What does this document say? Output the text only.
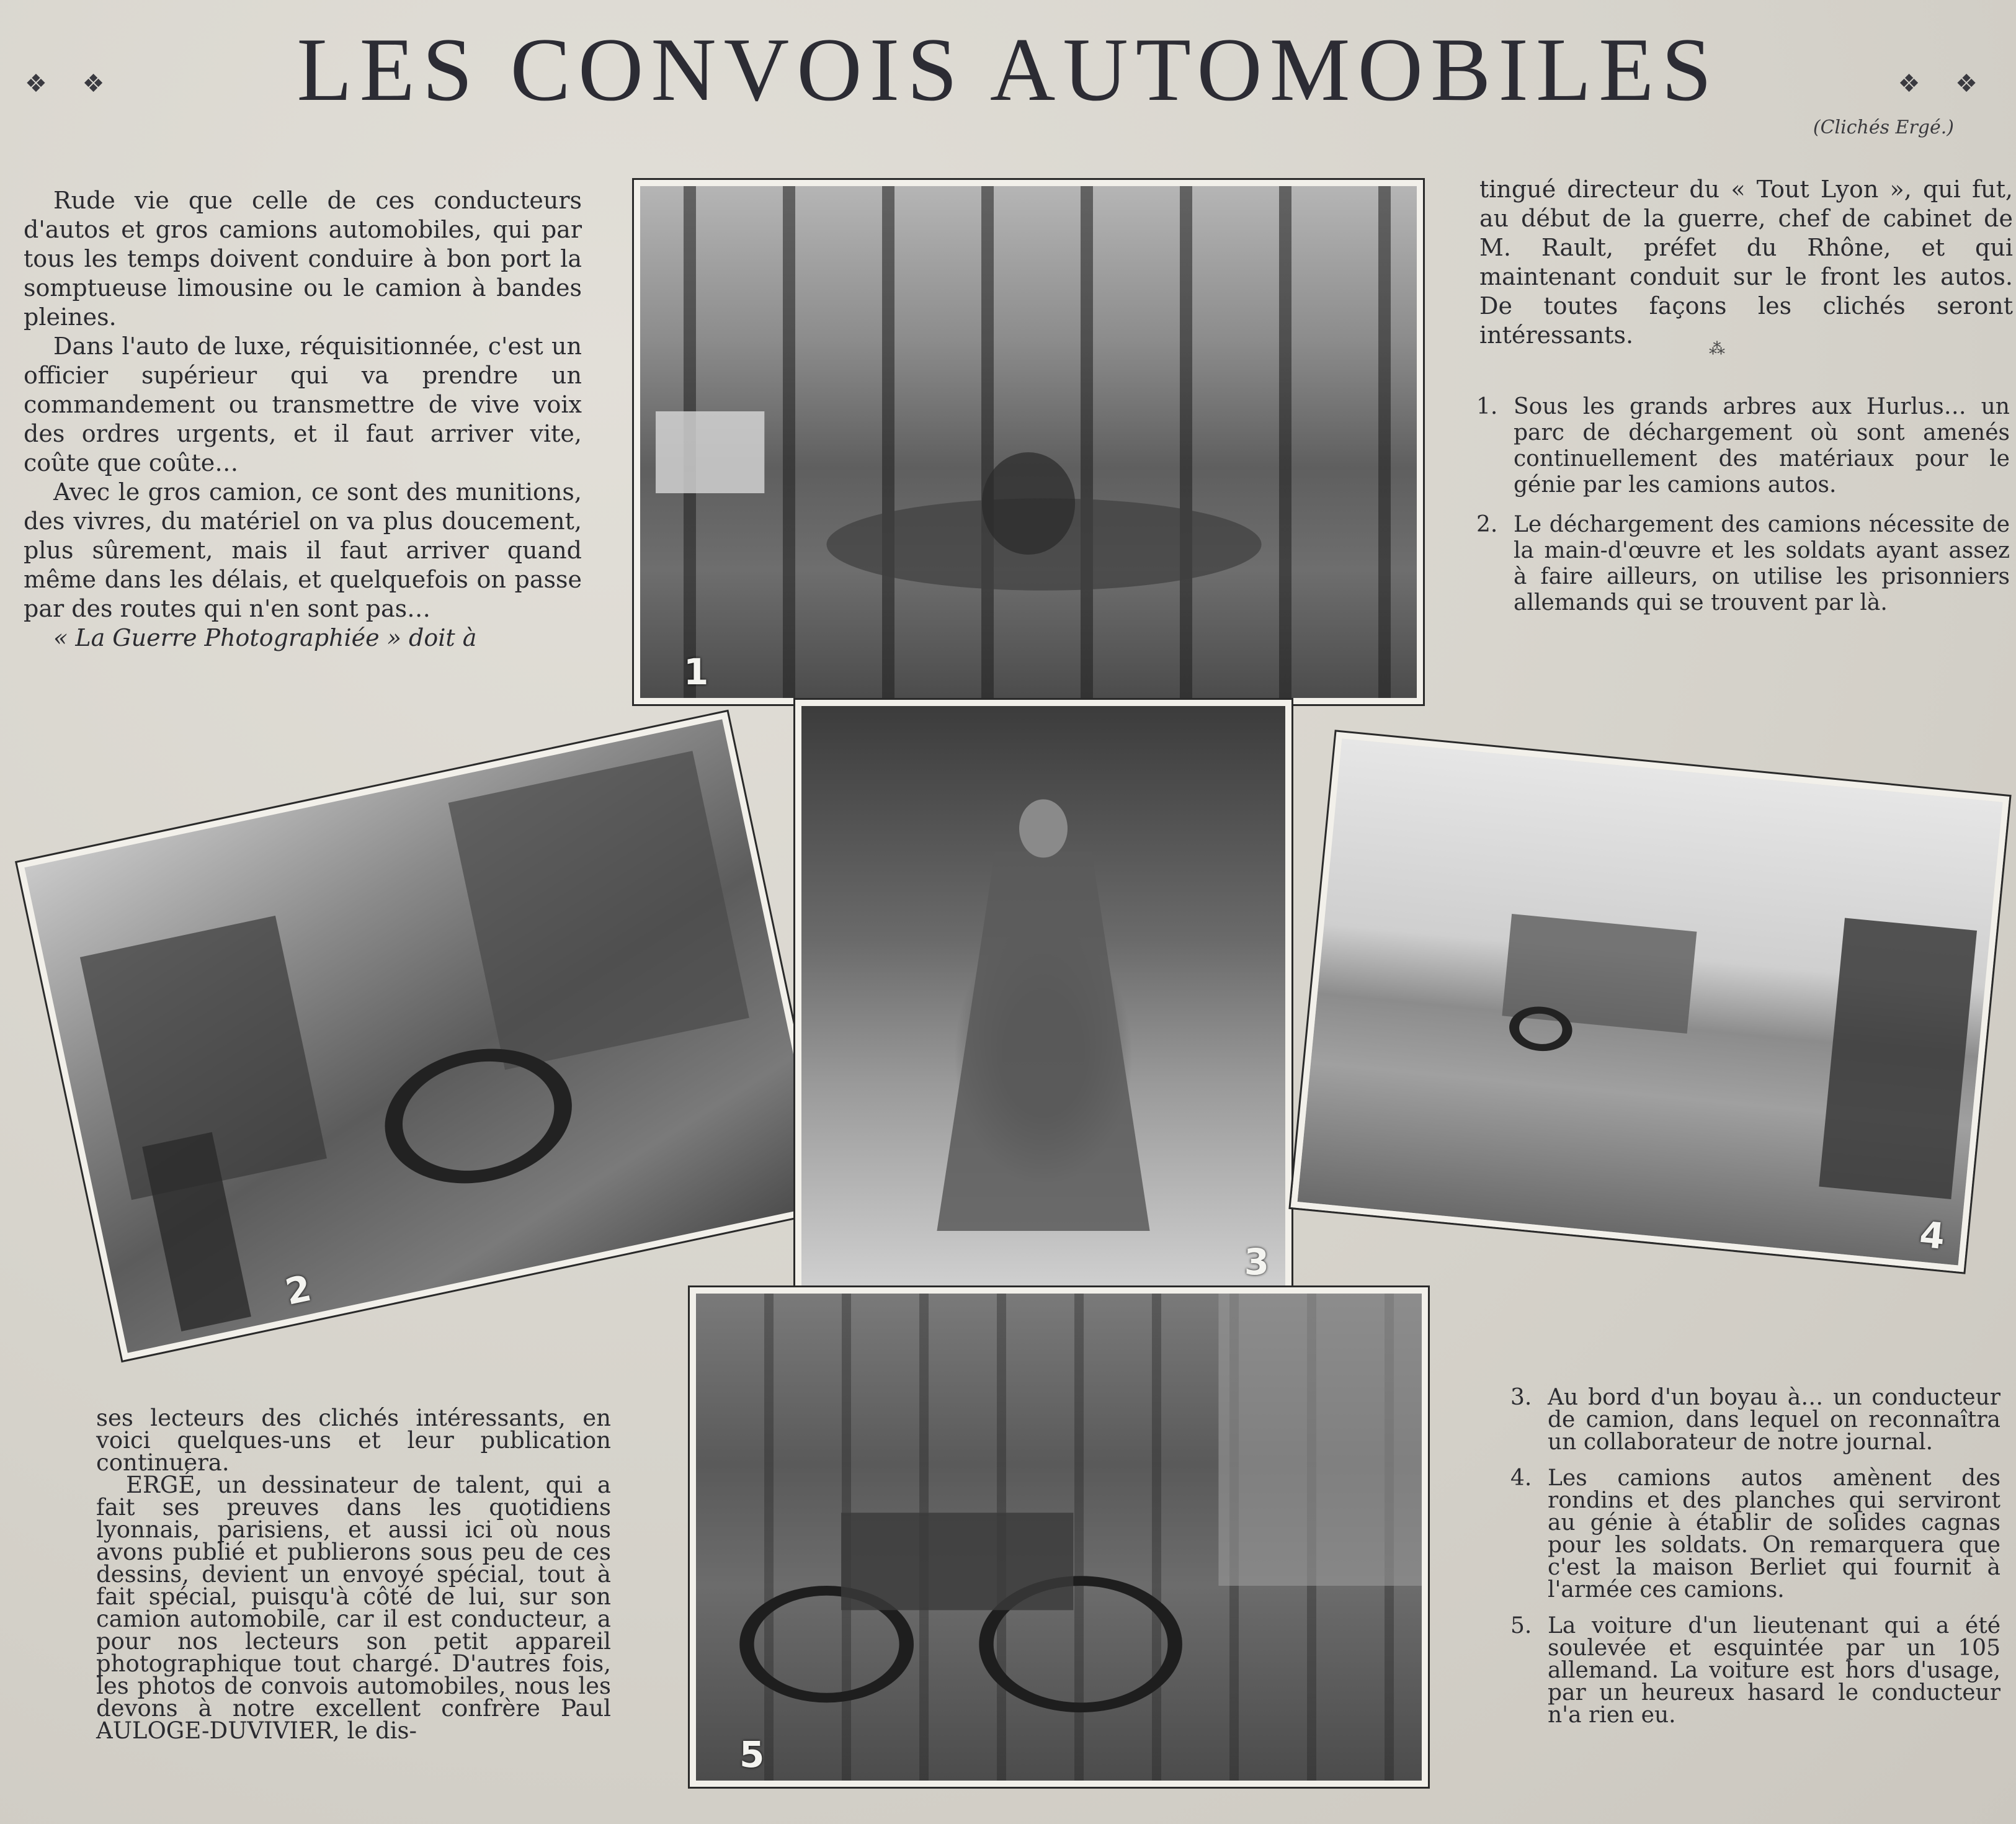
❖ ❖	LES CONVOIS AUTOMOBILES	❖ ❖
(Clichés Ergé.)

Rude vie que celle de ces conducteurs d'autos et gros camions automobiles, qui par tous les temps doivent conduire à bon port la somptueuse limousine ou le camion à bandes pleines.

Dans l'auto de luxe, réquisitionnée, c'est un officier supérieur qui va prendre un commandement ou transmettre de vive voix des ordres urgents, et il faut arriver vite, coûte que coûte…

Avec le gros camion, ce sont des munitions, des vivres, du matériel on va plus doucement, plus sûrement, mais il faut arriver quand même dans les délais, et quelquefois on passe par des routes qui n'en sont pas…

« La Guerre Photographiée » doit à

tingué directeur du « Tout Lyon », qui fut, au début de la guerre, chef de cabinet de M. Rault, préfet du Rhône, et qui maintenant conduit sur le front les autos. De toutes façons les clichés seront intéressants.

⁂
1. Sous les grands arbres aux Hurlus… un parc de déchargement où sont amenés continuellement des matériaux pour le génie par les camions autos.
2. Le déchargement des camions nécessite de la main-d'œuvre et les soldats ayant assez à faire ailleurs, on utilise les prisonniers allemands qui se trouvent par là.
1
2
3
4
5

ses lecteurs des clichés intéressants, en voici quelques-uns et leur publication continuera.

ERGÉ, un dessinateur de talent, qui a fait ses preuves dans les quotidiens lyonnais, parisiens, et aussi ici où nous avons publié et publierons sous peu de ces dessins, devient un envoyé spécial, tout à fait spécial, puisqu'à côté de lui, sur son camion automobile, car il est conducteur, a pour nos lecteurs son petit appareil photographique tout chargé. D'autres fois, les photos de convois automobiles, nous les devons à notre excellent confrère Paul AULOGE-DUVIVIER, le dis-

3. Au bord d'un boyau à… un conducteur de camion, dans lequel on reconnaîtra un collaborateur de notre journal.
4. Les camions autos amènent des rondins et des planches qui serviront au génie à établir de solides cagnas pour les soldats. On remarquera que c'est la maison Berliet qui fournit à l'armée ces camions.
5. La voiture d'un lieutenant qui a été soulevée et esquintée par un 105 allemand. La voiture est hors d'usage, par un heureux hasard le conducteur n'a rien eu.
